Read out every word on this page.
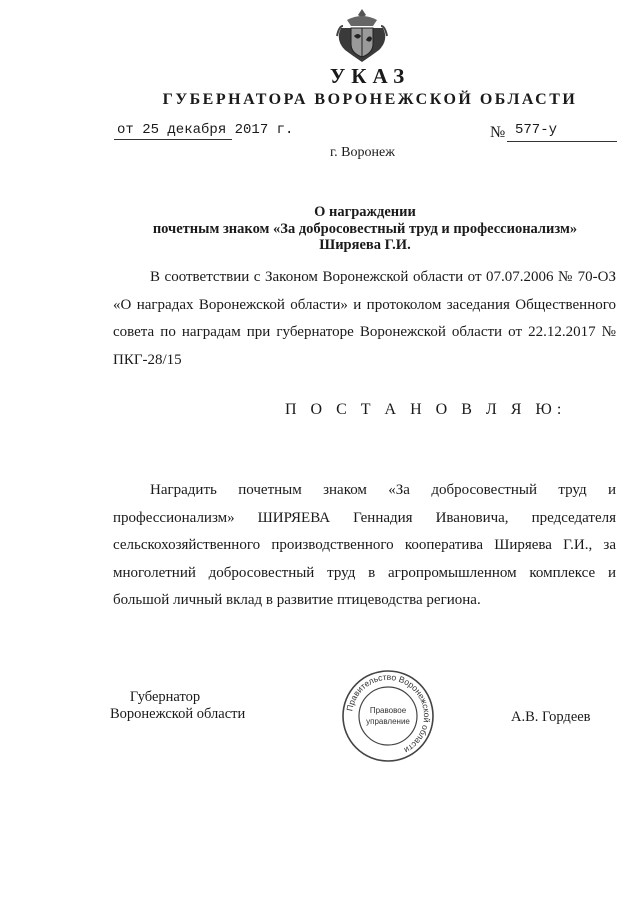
УКАЗ
ГУБЕРНАТОРА ВОРОНЕЖСКОЙ ОБЛАСТИ
от 25 декабря 2017 г.	№ 577-у
г. Воронеж
О награждении
почетным знаком «За добросовестный труд и профессионализм»
Ширяева Г.И.
В соответствии с Законом Воронежской области от 07.07.2006 № 70-ОЗ «О наградах Воронежской области» и протоколом заседания Общественного совета по наградам при губернаторе Воронежской области от 22.12.2017 № ПКГ-28/15
П О С Т А Н О В Л Я Ю:
Наградить почетным знаком «За добросовестный труд и профессионализм» ШИРЯЕВА Геннадия Ивановича, председателя сельскохозяйственного производственного кооператива Ширяева Г.И., за многолетний добросовестный труд в агропромышленном комплексе и большой личный вклад в развитие птицеводства региона.
Губернатор
Воронежской области	А.В. Гордеев
Правительство Воронежской области
Правовое
управление
